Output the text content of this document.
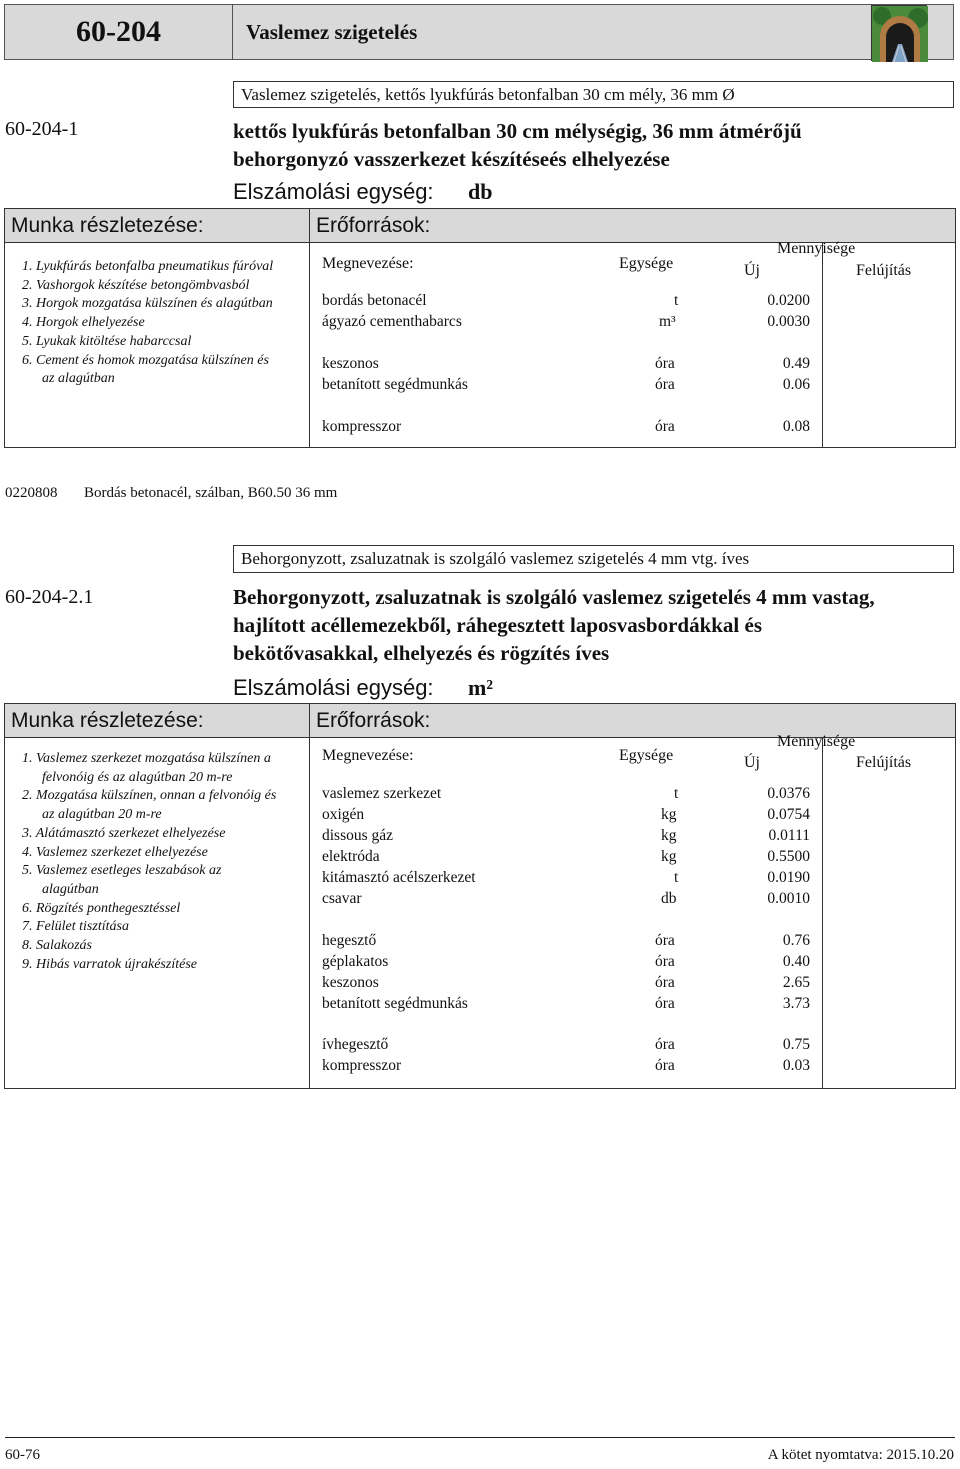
60-204	Vaslemez szigetelés
Vaslemez szigetelés, kettős lyukfúrás betonfalban 30 cm mély, 36 mm Ø
60-204-1	kettős lyukfúrás betonfalban 30 cm mélységig, 36 mm átmérőjű
behorgonyzó vasszerkezet készítéseés elhelyezése
Elszámolási egység: db
Munka részletezése:	Erőforrások:
1. Lyukfúrás betonfalba pneumatikus fúróval
2. Vashorgok készítése betongömbvasból
3. Horgok mozgatása külszínen és alagútban
4. Horgok elhelyezése
5. Lyukak kitöltése habarccsal
6. Cement és homok mozgatása külszínen és
az alagútban
Megnevezése:	Egysége
Mennyisége
Új	Felújítás
bordás betonacél	t	0.0200
ágyazó cementhabarcs	m³	0.0030
keszonos	óra	0.49
betanított segédmunkás	óra	0.06
kompresszor	óra	0.08
0220808 Bordás betonacél, szálban, B60.50 36 mm
Behorgonyzott, zsaluzatnak is szolgáló vaslemez szigetelés 4 mm vtg. íves
60-204-2.1	Behorgonyzott, zsaluzatnak is szolgáló vaslemez szigetelés 4 mm vastag,
hajlított acéllemezekből, ráhegesztett laposvasbordákkal és
bekötővasakkal, elhelyezés és rögzítés íves
Elszámolási egység: m²
Munka részletezése:	Erőforrások:
1. Vaslemez szerkezet mozgatása külszínen a
felvonóig és az alagútban 20 m-re
2. Mozgatása külszínen, onnan a felvonóig és
az alagútban 20 m-re
3. Alátámasztó szerkezet elhelyezése
4. Vaslemez szerkezet elhelyezése
5. Vaslemez esetleges leszabások az
alagútban
6. Rögzítés ponthegesztéssel
7. Felület tisztítása
8. Salakozás
9. Hibás varratok újrakészítése
Megnevezése:	Egysége
Mennyisége
Új	Felújítás
vaslemez szerkezet	t	0.0376
oxigén	kg	0.0754
dissous gáz	kg	0.0111
elektróda	kg	0.5500
kitámasztó acélszerkezet	t	0.0190
csavar	db	0.0010
hegesztő	óra	0.76
géplakatos	óra	0.40
keszonos	óra	2.65
betanított segédmunkás	óra	3.73
ívhegesztő	óra	0.75
kompresszor	óra	0.03
60-76	A kötet nyomtatva: 2015.10.20
